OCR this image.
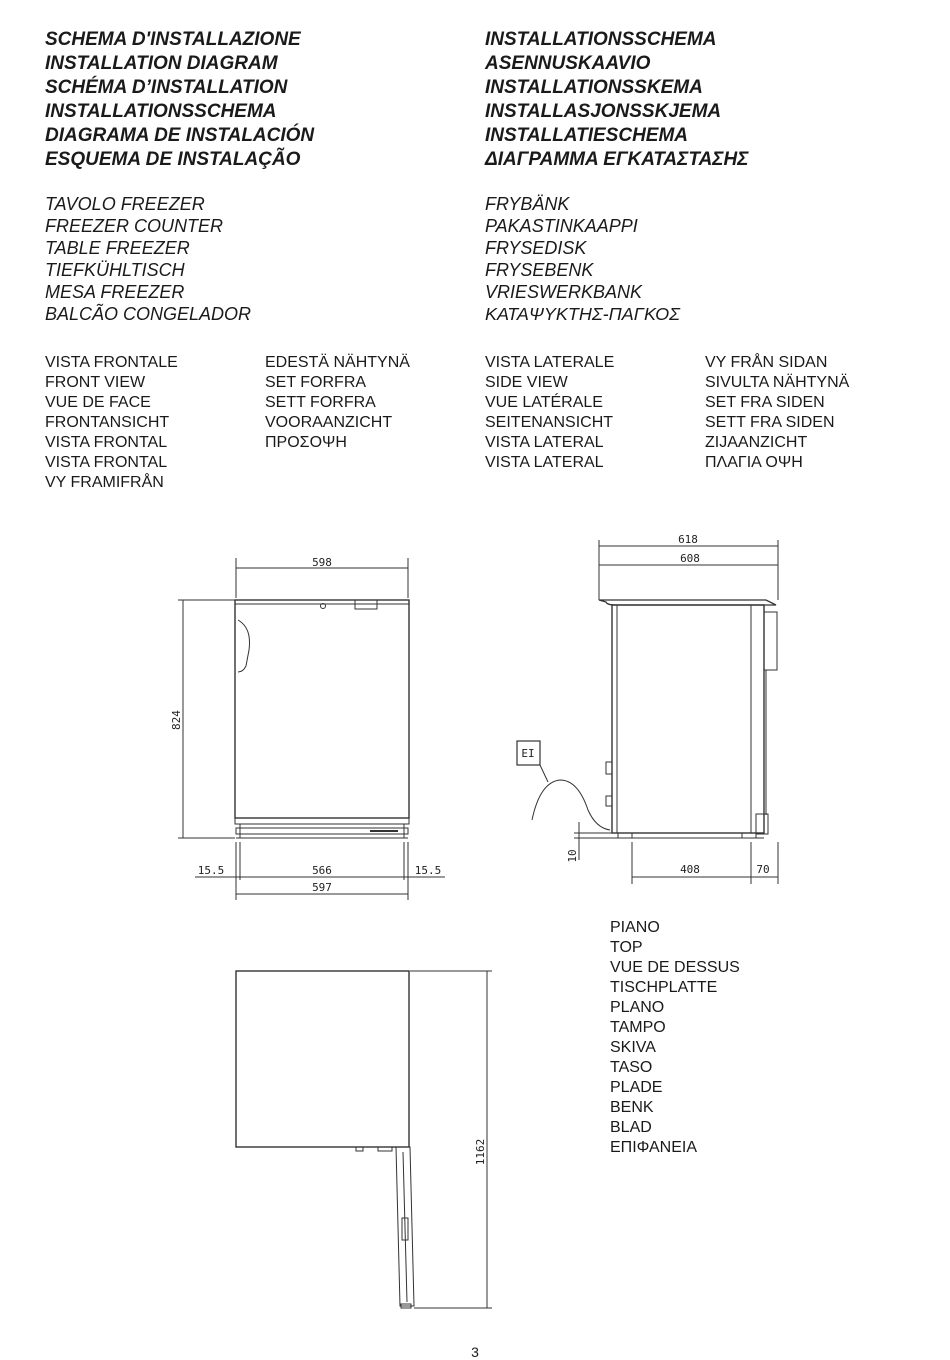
SCHEMA D'INSTALLAZIONE
INSTALLATION DIAGRAM
SCHÉMA D’INSTALLATION
INSTALLATIONSSCHEMA
DIAGRAMA DE INSTALACIÓN
ESQUEMA DE INSTALAÇÃO
INSTALLATIONSSCHEMA
ASENNUSKAAVIO
INSTALLATIONSSKEMA
INSTALLASJONSSKJEMA
INSTALLATIESCHEMA
ΔΙΑΓΡΑΜΜΑ ΕΓΚΑΤΑΣΤΑΣΗΣ
TAVOLO FREEZER
FREEZER COUNTER
TABLE FREEZER
TIEFKÜHLTISCH
MESA FREEZER
BALCÃO CONGELADOR
FRYBÄNK
PAKASTINKAAPPI
FRYSEDISK
FRYSEBENK
VRIESWERKBANK
ΚΑΤΑΨΥΚΤΗΣ-ΠΑΓΚΟΣ
VISTA FRONTALE
FRONT VIEW
VUE DE FACE
FRONTANSICHT
VISTA FRONTAL
VISTA FRONTAL
VY FRAMIFRÅN
EDESTÄ NÄHTYNÄ
SET FORFRA
SETT FORFRA
VOORAANZICHT
ΠΡΟΣΟΨΗ
VISTA LATERALE
SIDE VIEW
VUE LATÉRALE
SEITENANSICHT
VISTA LATERAL
VISTA LATERAL
VY FRÅN SIDAN
SIVULTA NÄHTYNÄ
SET FRA SIDEN
SETT FRA SIDEN
ZIJAANZICHT
ΠΛΑΓΙΑ ΟΨΗ
PIANO
TOP
VUE DE DESSUS
TISCHPLATTE
PLANO
TAMPO
SKIVA
TASO
PLADE
BENK
BLAD
ΕΠΙΦΑΝΕΙΑ
598
824
15.5	566	15.5
597
618
608
EI
10
408	70
1162
3
